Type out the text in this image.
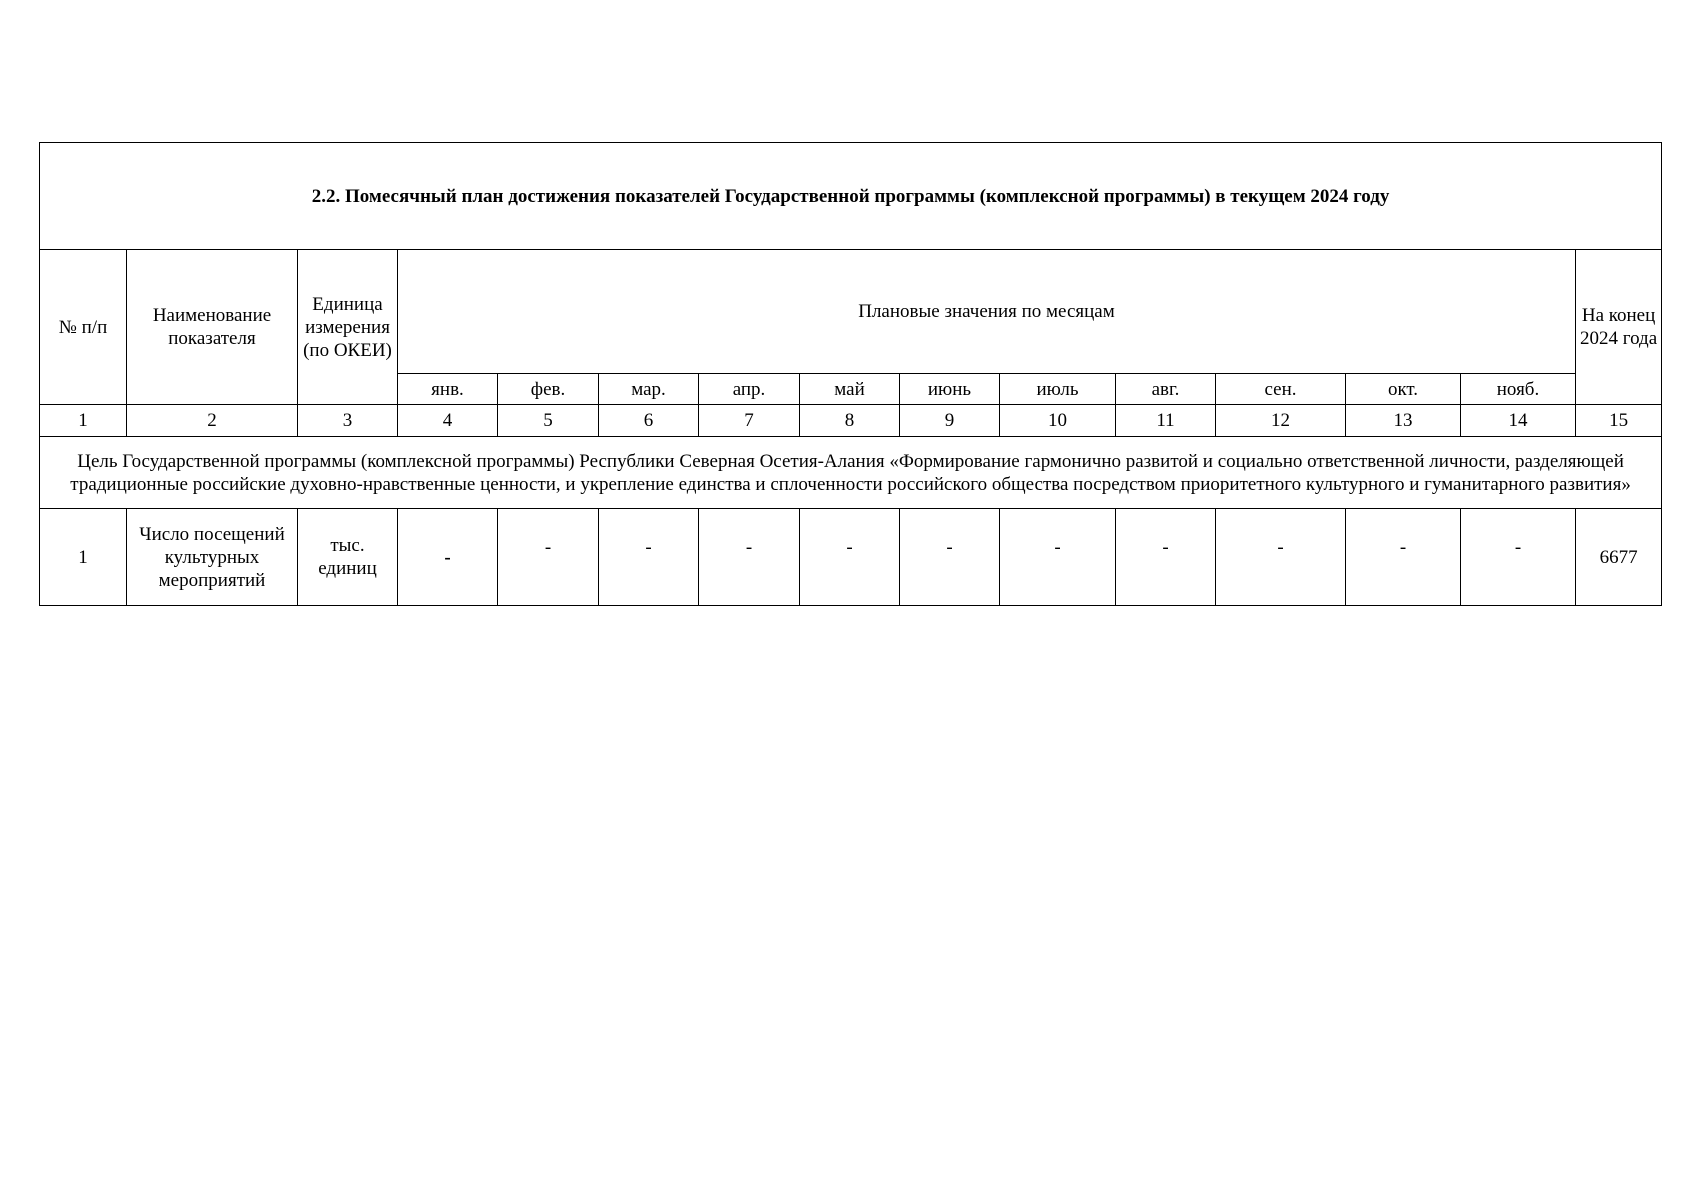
2.2. Помесячный план достижения показателей Государственной программы (комплексной программы) в текущем 2024 году														
№ п/п	Наименование показателя	Единица измерения (по ОКЕИ)	Плановые значения по месяцам											На конец 2024 года
			янв.	фев.	мар.	апр.	май	июнь	июль	авг.	сен.	окт.	нояб.	
1	2	3	4	5	6	7	8	9	10	11	12	13	14	15
Цель Государственной программы (комплексной программы) Республики Северная Осетия-Алания «Формирование гармонично развитой и социально ответственной личности, разделяющей традиционные российские духовно-нравственные ценности, и укрепление единства и сплоченности российского общества посредством приоритетного культурного и гуманитарного развития»														
1	Число посещений культурных мероприятий	тыс. единиц	-	-	-	-	-	-	-	-	-	-	-	6677
